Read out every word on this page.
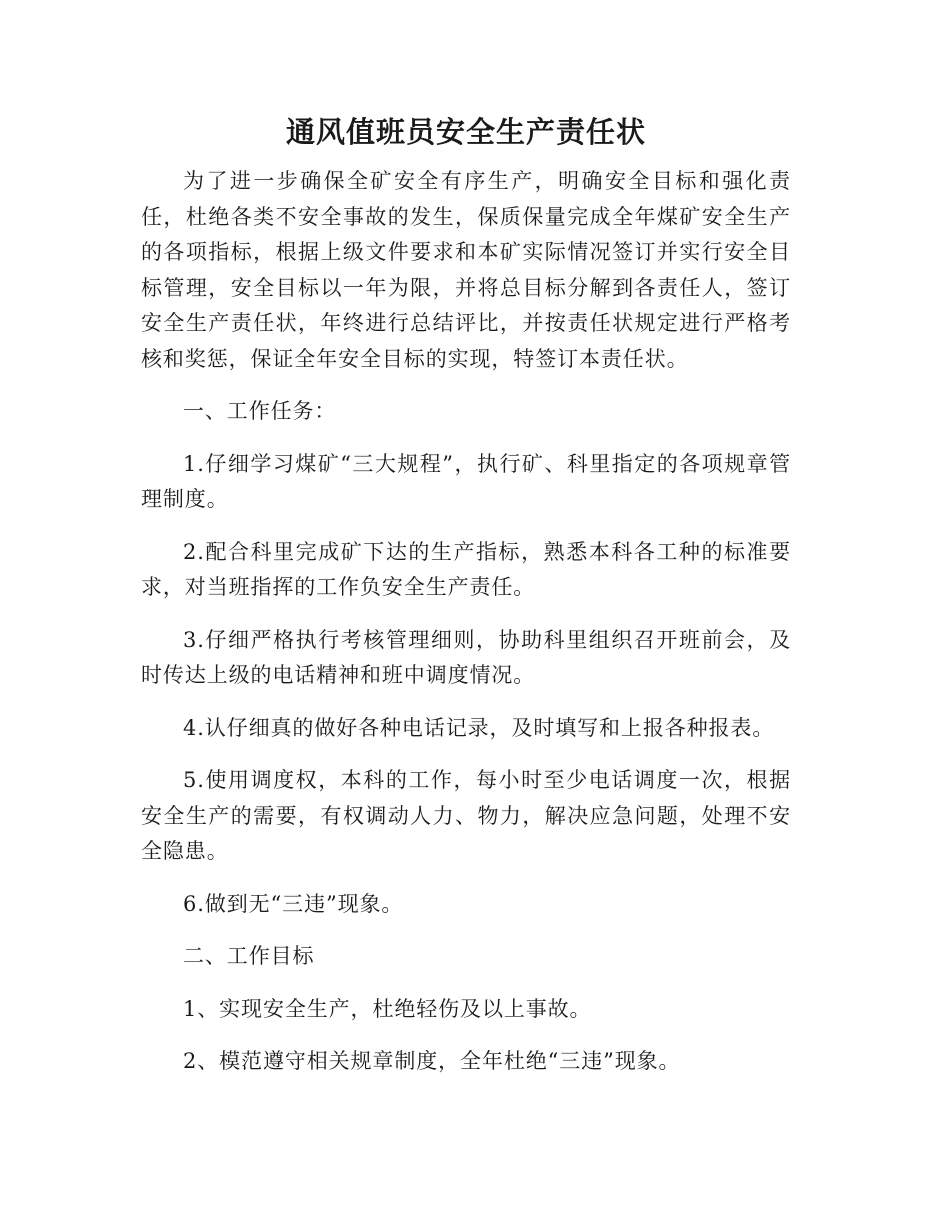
通风值班员安全生产责任状

为了进一步确保全矿安全有序生产，明确安全目标和强化责任，杜绝各类不安全事故的发生，保质保量完成全年煤矿安全生产的各项指标，根据上级文件要求和本矿实际情况签订并实行安全目标管理，安全目标以一年为限，并将总目标分解到各责任人，签订安全生产责任状，年终进行总结评比，并按责任状规定进行严格考核和奖惩，保证全年安全目标的实现，特签订本责任状。

一、工作任务：

1.仔细学习煤矿“三大规程”，执行矿、科里指定的各项规章管理制度。

2.配合科里完成矿下达的生产指标，熟悉本科各工种的标准要求，对当班指挥的工作负安全生产责任。

3.仔细严格执行考核管理细则，协助科里组织召开班前会，及时传达上级的电话精神和班中调度情况。

4.认仔细真的做好各种电话记录，及时填写和上报各种报表。

5.使用调度权，本科的工作，每小时至少电话调度一次，根据安全生产的需要，有权调动人力、物力，解决应急问题，处理不安全隐患。

6.做到无“三违”现象。

二、工作目标

1、实现安全生产，杜绝轻伤及以上事故。

2、模范遵守相关规章制度，全年杜绝“三违”现象。
